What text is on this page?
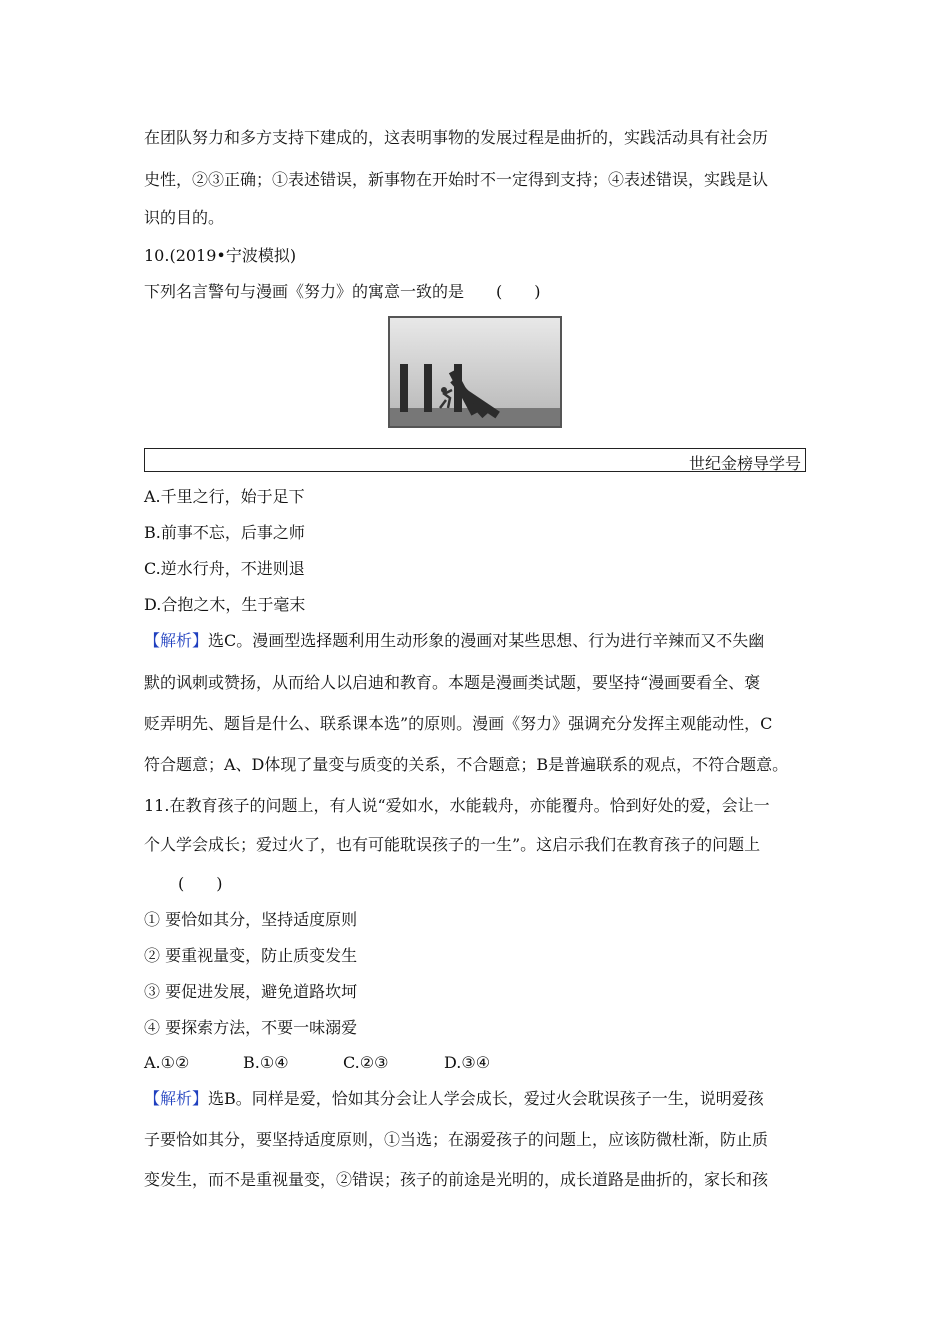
在团队努力和多方支持下建成的，这表明事物的发展过程是曲折的，实践活动具有社会历
史性，②③正确；①表述错误，新事物在开始时不一定得到支持；④表述错误，实践是认
识的目的。
10.(2019•宁波模拟)
下列名言警句与漫画《努力》的寓意一致的是　　(　　)
世纪金榜导学号
A.千里之行，始于足下
B.前事不忘，后事之师
C.逆水行舟，不进则退
D.合抱之木，生于毫末
【解析】选C。漫画型选择题利用生动形象的漫画对某些思想、行为进行辛辣而又不失幽
默的讽刺或赞扬，从而给人以启迪和教育。本题是漫画类试题，要坚持“漫画要看全、褒
贬弄明先、题旨是什么、联系课本选”的原则。漫画《努力》强调充分发挥主观能动性，C
符合题意；A、D体现了量变与质变的关系，不合题意；B是普遍联系的观点，不符合题意。
11.在教育孩子的问题上，有人说“爱如水，水能载舟，亦能覆舟。恰到好处的爱，会让一
个人学会成长；爱过火了，也有可能耽误孩子的一生”。这启示我们在教育孩子的问题上
(　　)
① 要恰如其分，坚持适度原则
② 要重视量变，防止质变发生
③ 要促进发展，避免道路坎坷
④ 要探索方法，不要一味溺爱
A.①②	B.①④	C.②③	D.③④
【解析】选B。同样是爱，恰如其分会让人学会成长，爱过火会耽误孩子一生，说明爱孩
子要恰如其分，要坚持适度原则，①当选；在溺爱孩子的问题上，应该防微杜渐，防止质
变发生，而不是重视量变，②错误；孩子的前途是光明的，成长道路是曲折的，家长和孩
